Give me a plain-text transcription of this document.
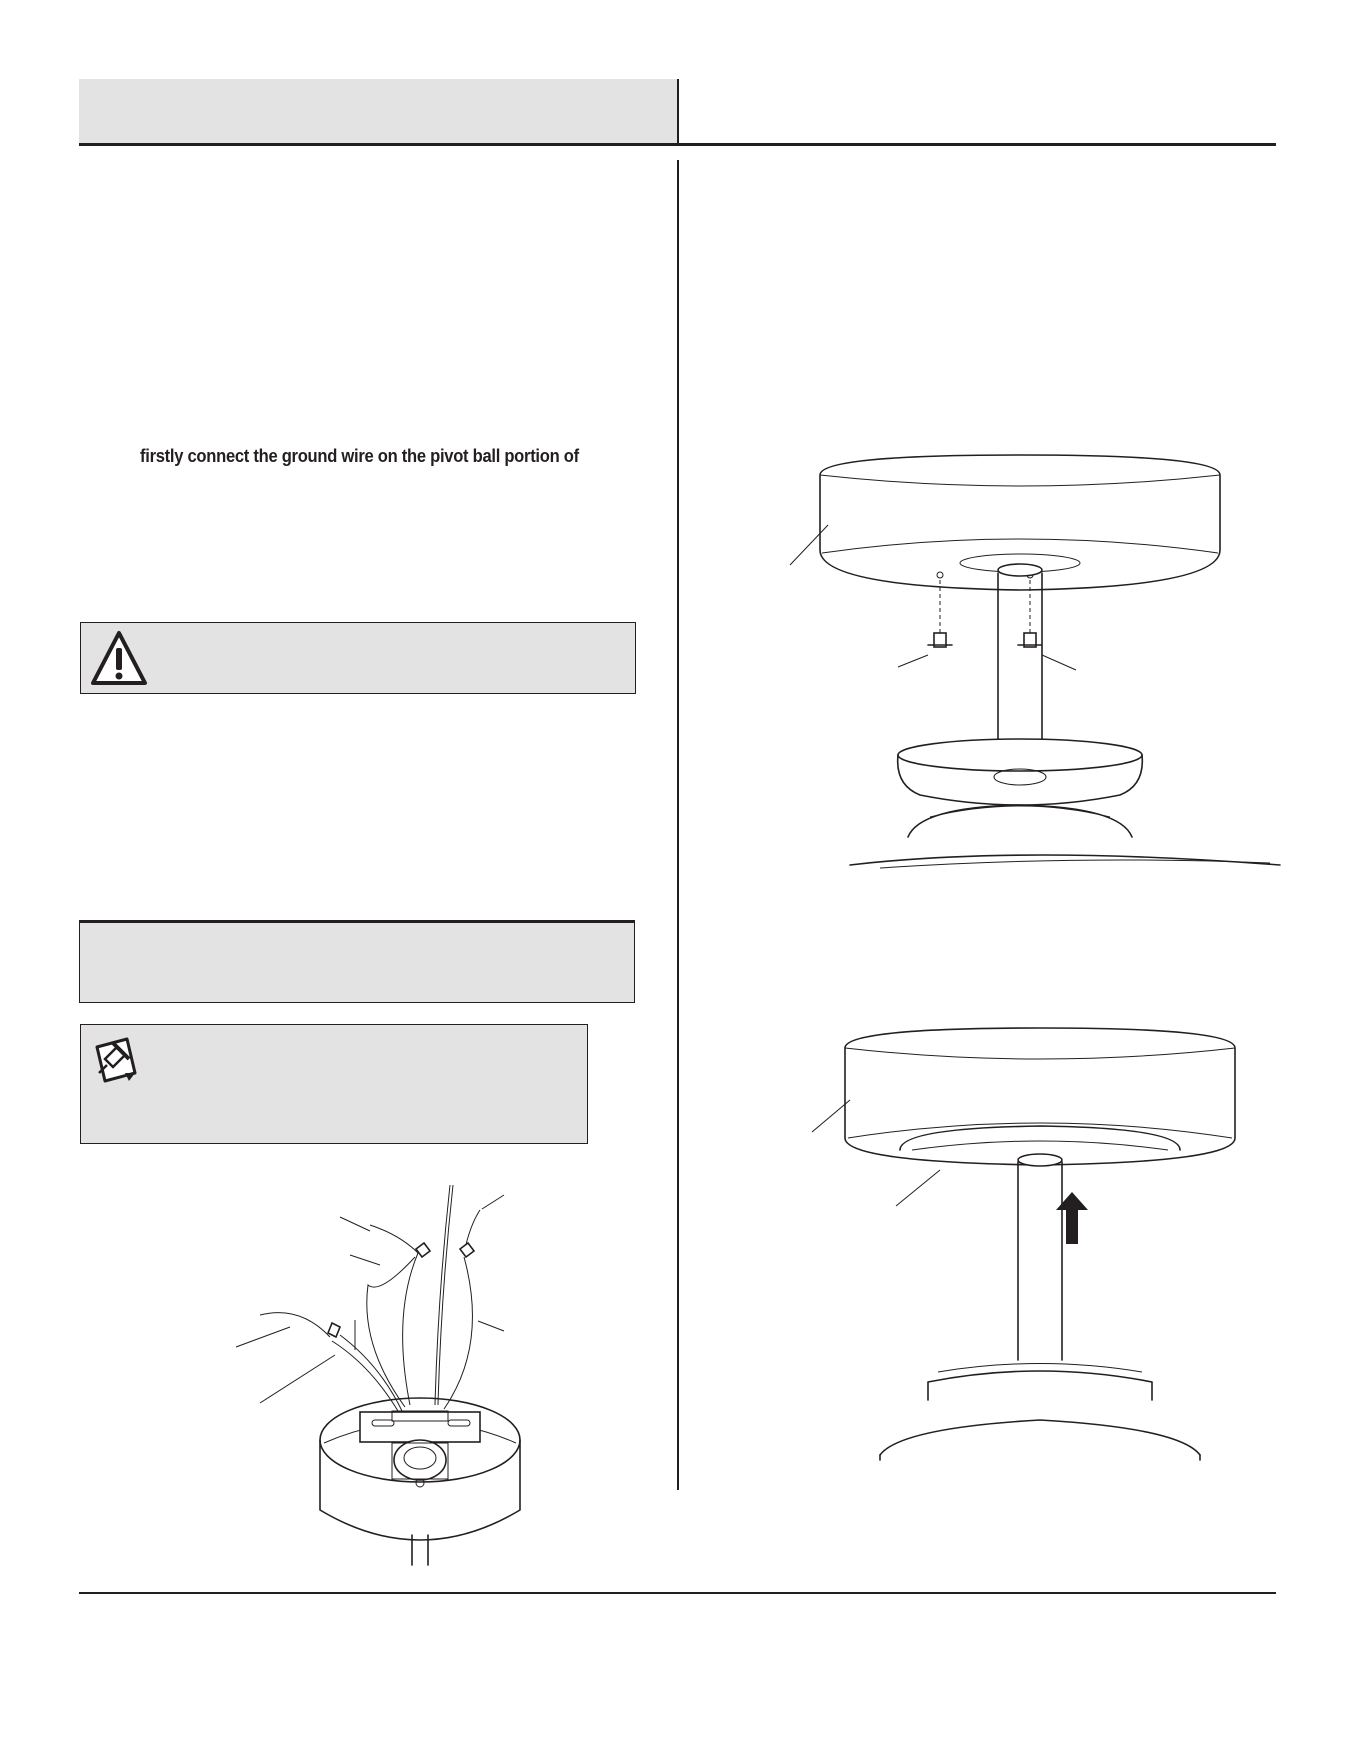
firstly connect the ground wire on the pivot ball portion of
